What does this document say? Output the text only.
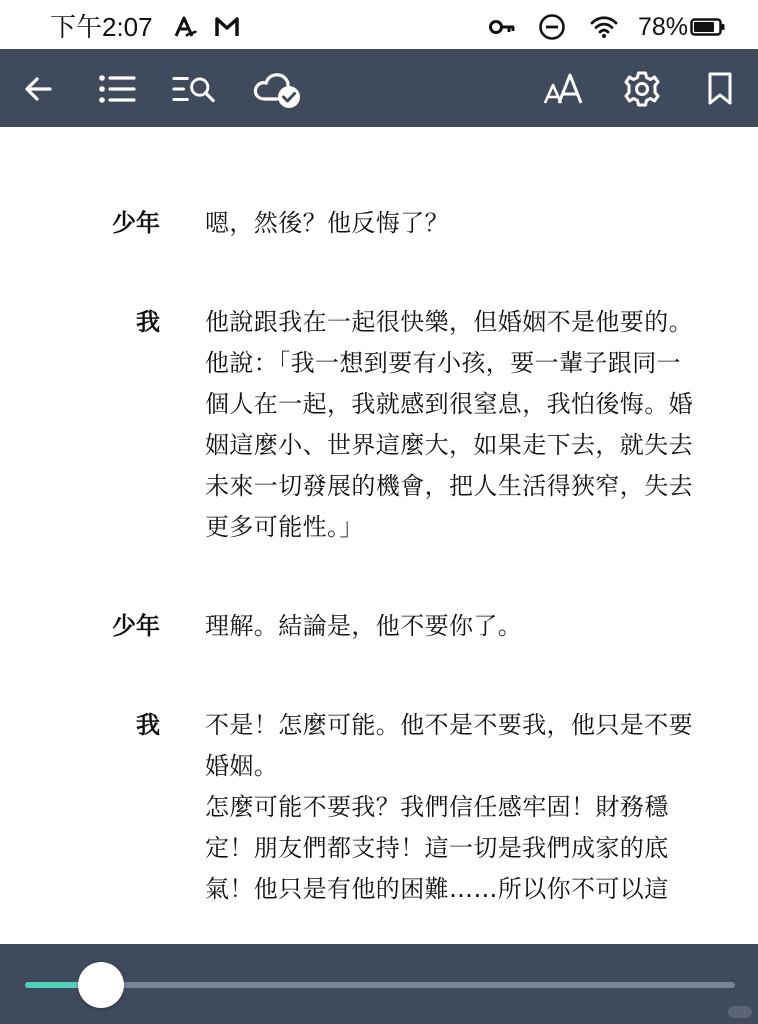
下午2:07	78%
少年 嗯，然後？他反悔了？

我 他說跟我在一起很快樂，但婚姻不是他要的。他說：「我一想到要有小孩，要一輩子跟同一個人在一起，我就感到很窒息，我怕後悔。婚姻這麼小、世界這麼大，如果走下去，就失去未來一切發展的機會，把人生活得狹窄，失去更多可能性。」

少年 理解。結論是，他不要你了。

我 不是！怎麼可能。他不是不要我，他只是不要婚姻。

怎麼可能不要我？我們信任感牢固！財務穩定！朋友們都支持！這一切是我們成家的底氣！他只是有他的困難……所以你不可以這
